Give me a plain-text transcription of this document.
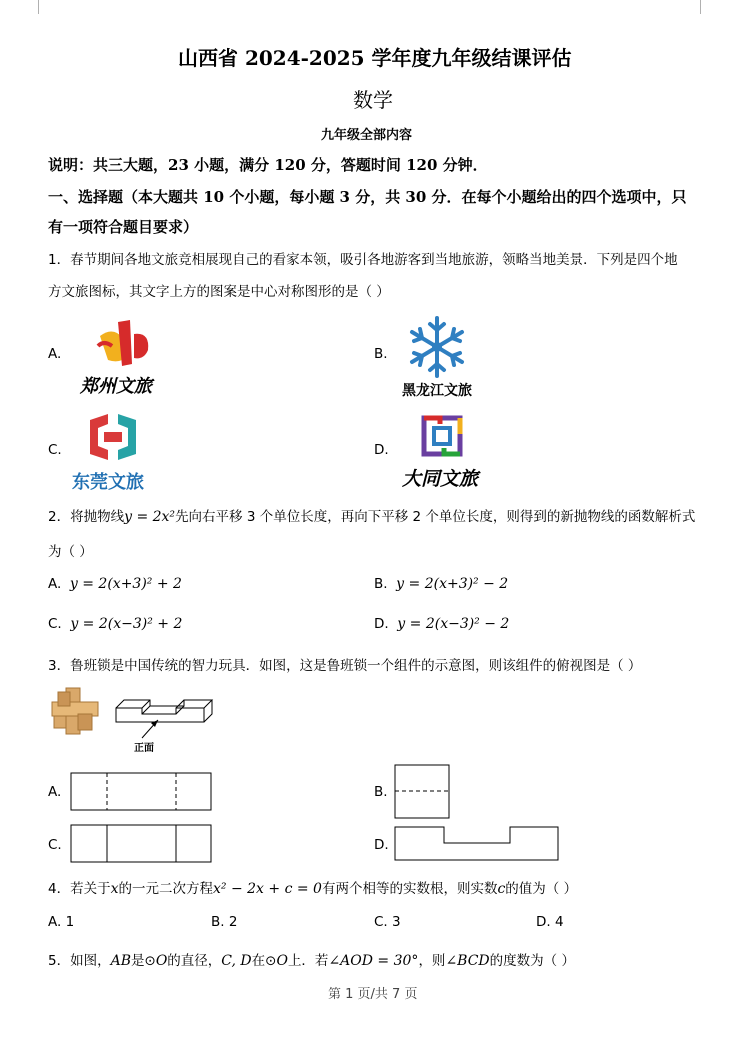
山西省 2024-2025 学年度九年级结课评估
数学
九年级全部内容
说明：共三大题，23 小题，满分 120 分，答题时间 120 分钟．
一、选择题（本大题共 10 个小题，每小题 3 分，共 30 分．在每个小题给出的四个选项中，只
有一项符合题目要求）
1．春节期间各地文旅竞相展现自己的看家本领，吸引各地游客到当地旅游，领略当地美景．下列是四个地
方文旅图标，其文字上方的图案是中心对称图形的是（ ）
A.
郑州文旅
B.
黑龙江文旅
C.
东莞文旅
D.
大同文旅
2．将抛物线y = 2x²先向右平移 3 个单位长度，再向下平移 2 个单位长度，则得到的新抛物线的函数解析式
为（ ）
A. y = 2(x+3)² + 2	B. y = 2(x+3)² − 2
C. y = 2(x−3)² + 2	D. y = 2(x−3)² − 2
3．鲁班锁是中国传统的智力玩具．如图，这是鲁班锁一个组件的示意图，则该组件的俯视图是（ ）
正面
A.	B.
C.	D.
4．若关于x的一元二次方程x² − 2x + c = 0有两个相等的实数根，则实数c的值为（ ）
A. 1	B. 2	C. 3	D. 4
5．如图，AB是⊙O的直径，C, D在⊙O上．若∠AOD = 30°，则∠BCD的度数为（ ）
第 1 页/共 7 页
